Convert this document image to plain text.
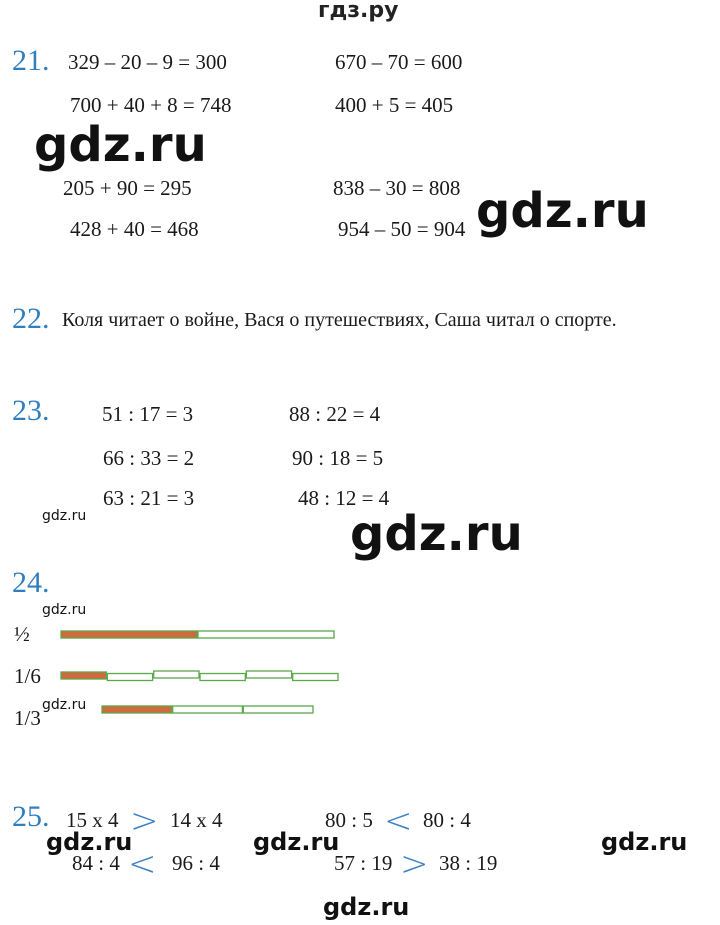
гдз.ру
21. 329 – 20 – 9 = 300	670 – 70 = 600
700 + 40 + 8 = 748	400 + 5 = 405
205 + 90 = 295	838 – 30 = 808
428 + 40 = 468	954 – 50 = 904
gdz.ru
gdz.ru
22. Коля читает о войне, Вася о путешествиях, Саша читал о спорте.
23.	51 : 17 = 3	88 : 22 = 4
66 : 33 = 2	90 : 18 = 5
63 : 21 = 3	48 : 12 = 4
gdz.ru	gdz.ru
24.
gdz.ru
½
1/6
gdz.ru
1/3
25. 15 x 4 > 14 x 4	80 : 5 < 80 : 4
84 : 4 < 96 : 4	57 : 19 > 38 : 19
gdz.ru	gdz.ru	gdz.ru
gdz.ru
